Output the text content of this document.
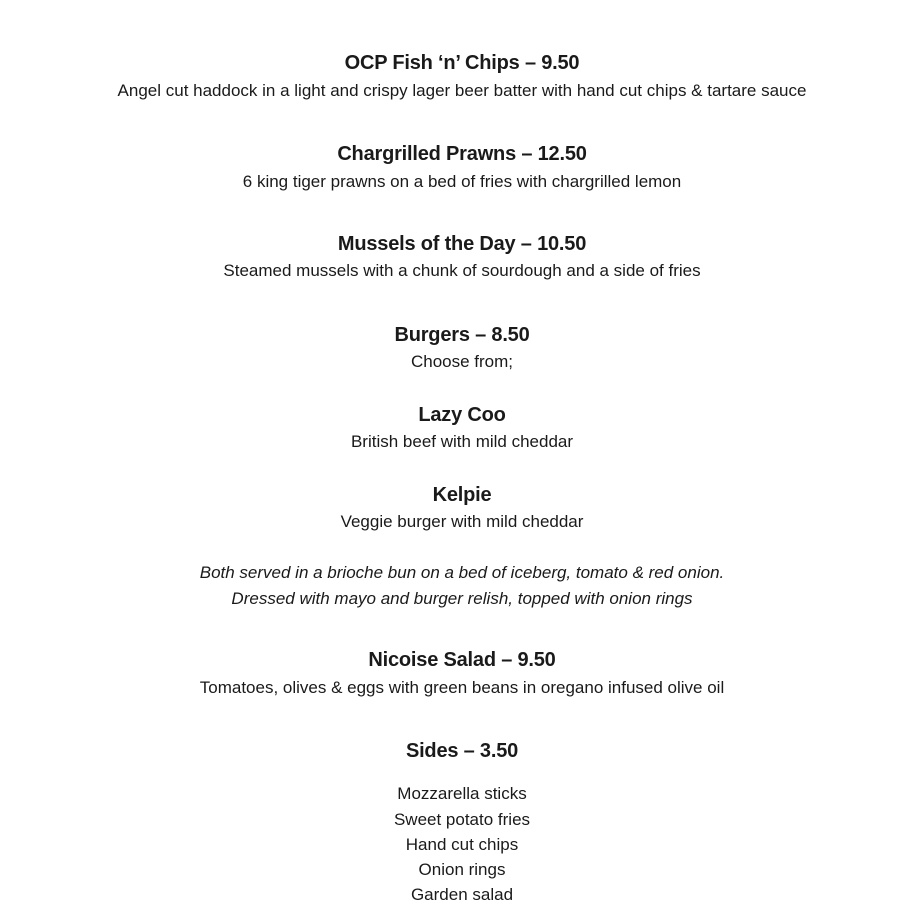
OCP Fish ‘n’ Chips – 9.50
Angel cut haddock in a light and crispy lager beer batter with hand cut chips & tartare sauce
Chargrilled Prawns – 12.50
6 king tiger prawns on a bed of fries with chargrilled lemon
Mussels of the Day – 10.50
Steamed mussels with a chunk of sourdough and a side of fries
Burgers – 8.50
Choose from;
Lazy Coo
British beef with mild cheddar
Kelpie
Veggie burger with mild cheddar
Both served in a brioche bun on a bed of iceberg, tomato & red onion.
Dressed with mayo and burger relish, topped with onion rings
Nicoise Salad – 9.50
Tomatoes, olives & eggs with green beans in oregano infused olive oil
Sides – 3.50
Mozzarella sticks
Sweet potato fries
Hand cut chips
Onion rings
Garden salad
